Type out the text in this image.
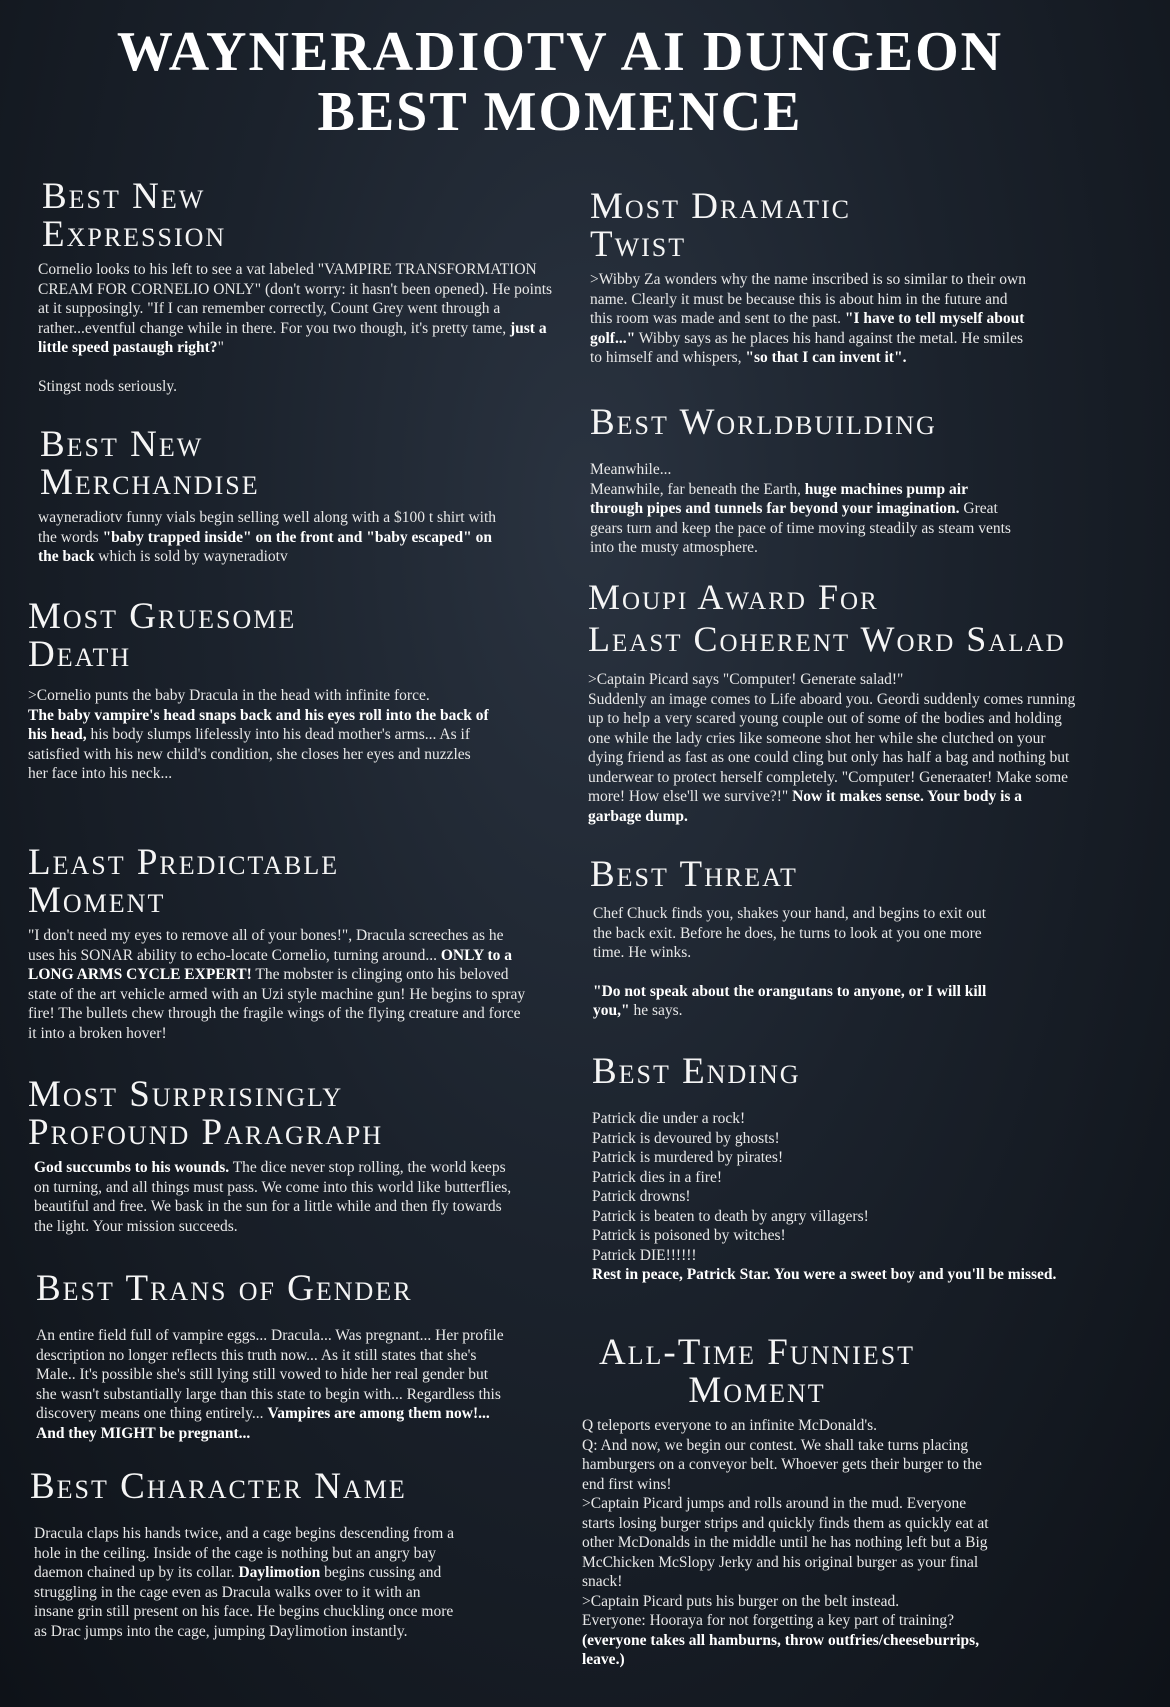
WAYNERADIOTV AI DUNGEON
BEST MOMENCE
Best New
Expression

Cornelio looks to his left to see a vat labeled "VAMPIRE TRANSFORMATION CREAM FOR CORNELIO ONLY" (don't worry: it hasn't been opened). He points at it supposingly. "If I can remember correctly, Count Grey went through a rather...eventful change while in there. For you two though, it's pretty tame, just a little speed pastaugh right?"

Stingst nods seriously.

Best New
Merchandise

wayneradiotv funny vials begin selling well along with a $100 t shirt with the words "baby trapped inside" on the front and "baby escaped" on the back which is sold by wayneradiotv

Most Gruesome
Death

>Cornelio punts the baby Dracula in the head with infinite force.

The baby vampire's head snaps back and his eyes roll into the back of his head, his body slumps lifelessly into his dead mother's arms... As if satisfied with his new child's condition, she closes her eyes and nuzzles her face into his neck...

Least Predictable
Moment

"I don't need my eyes to remove all of your bones!", Dracula screeches as he uses his SONAR ability to echo-locate Cornelio, turning around... ONLY to a LONG ARMS CYCLE EXPERT! The mobster is clinging onto his beloved state of the art vehicle armed with an Uzi style machine gun! He begins to spray fire! The bullets chew through the fragile wings of the flying creature and force it into a broken hover!

Most Surprisingly
Profound Paragraph

God succumbs to his wounds. The dice never stop rolling, the world keeps on turning, and all things must pass. We come into this world like butterflies, beautiful and free. We bask in the sun for a little while and then fly towards the light. Your mission succeeds.

Best Trans of Gender

An entire field full of vampire eggs... Dracula... Was pregnant... Her profile description no longer reflects this truth now... As it still states that she's Male.. It's possible she's still lying still vowed to hide her real gender but she wasn't substantially large than this state to begin with... Regardless this discovery means one thing entirely... Vampires are among them now!... And they MIGHT be pregnant...

Best Character Name

Dracula claps his hands twice, and a cage begins descending from a hole in the ceiling. Inside of the cage is nothing but an angry bay daemon chained up by its collar. Daylimotion begins cussing and struggling in the cage even as Dracula walks over to it with an insane grin still present on his face. He begins chuckling once more as Drac jumps into the cage, jumping Daylimotion instantly.

Most Dramatic
Twist

>Wibby Za wonders why the name inscribed is so similar to their own name. Clearly it must be because this is about him in the future and this room was made and sent to the past. "I have to tell myself about golf..." Wibby says as he places his hand against the metal. He smiles to himself and whispers, "so that I can invent it".

Best Worldbuilding

Meanwhile...

Meanwhile, far beneath the Earth, huge machines pump air through pipes and tunnels far beyond your imagination. Great gears turn and keep the pace of time moving steadily as steam vents into the musty atmosphere.

Moupi Award For
Least Coherent Word Salad

>Captain Picard says "Computer! Generate salad!"

Suddenly an image comes to Life aboard you. Geordi suddenly comes running up to help a very scared young couple out of some of the bodies and holding one while the lady cries like someone shot her while she clutched on your dying friend as fast as one could cling but only has half a bag and nothing but underwear to protect herself completely. "Computer! Generaater! Make some more! How else'll we survive?!" Now it makes sense. Your body is a garbage dump.

Best Threat

Chef Chuck finds you, shakes your hand, and begins to exit out the back exit. Before he does, he turns to look at you one more time. He winks.

"Do not speak about the orangutans to anyone, or I will kill you," he says.

Best Ending

Patrick die under a rock!

Patrick is devoured by ghosts!

Patrick is murdered by pirates!

Patrick dies in a fire!

Patrick drowns!

Patrick is beaten to death by angry villagers!

Patrick is poisoned by witches!

Patrick DIE!!!!!!

Rest in peace, Patrick Star. You were a sweet boy and you'll be missed.

All-Time Funniest
Moment

Q teleports everyone to an infinite McDonald's.

Q: And now, we begin our contest. We shall take turns placing hamburgers on a conveyor belt. Whoever gets their burger to the end first wins!

>Captain Picard jumps and rolls around in the mud. Everyone starts losing burger strips and quickly finds them as quickly eat at other McDonalds in the middle until he has nothing left but a Big McChicken McSlopy Jerky and his original burger as your final snack!

>Captain Picard puts his burger on the belt instead.

Everyone: Hooraya for not forgetting a key part of training? (everyone takes all hamburns, throw outfries/cheeseburrips, leave.)
